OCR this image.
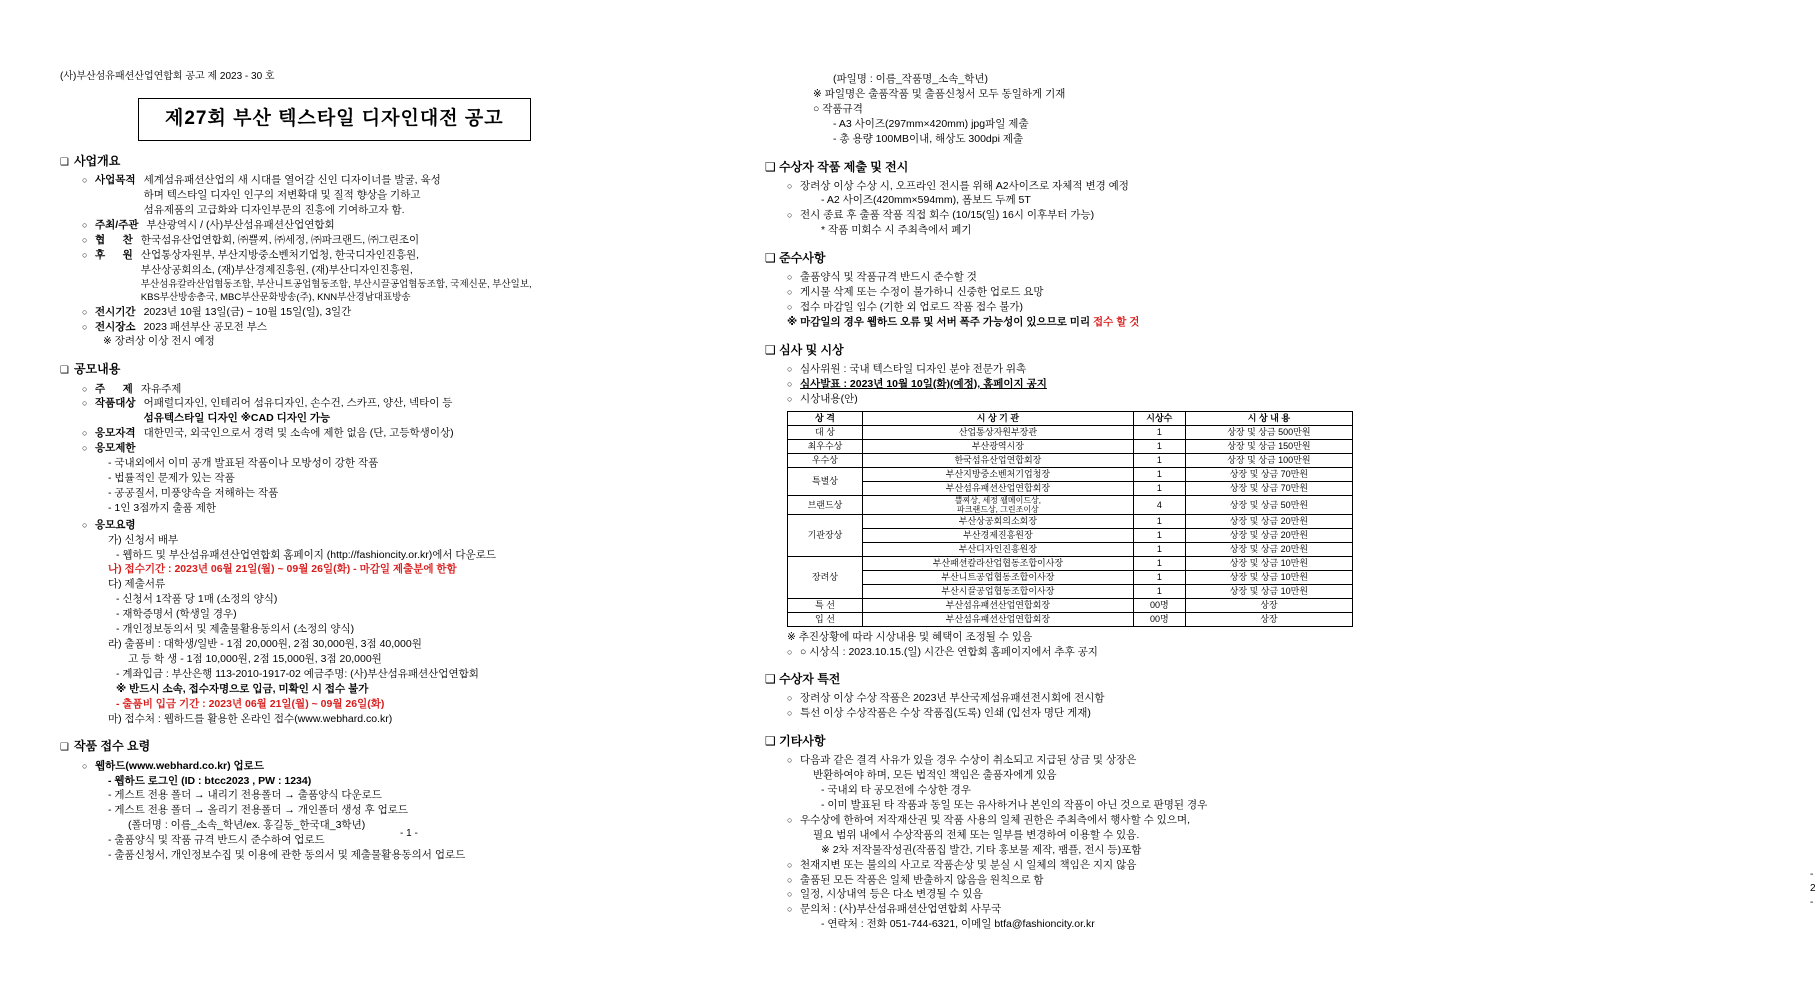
(사)부산섬유패션산업연합회 공고 제 2023 - 30 호
제27회 부산 텍스타일 디자인대전 공고
❑ 사업개요
○ 사업목적 세계섬유패션산업의 새 시대를 열어갈 신인 디자이너를 발굴, 육성
하며 텍스타일 디자인 인구의 저변확대 및 질적 향상을 기하고
섬유제품의 고급화와 디자인부문의 진흥에 기여하고자 함.
○ 주최/주관 부산광역시 / (사)부산섬유패션산업연합회
○ 협      찬 한국섬유산업연합회, ㈜쁠찌, ㈜세정, ㈜파크랜드, ㈜그린조이
○ 후      원 산업통상자원부, 부산지방중소벤처기업청, 한국디자인진흥원,
부산상공회의소, (재)부산경제진흥원, (재)부산디자인진흥원,
부산섬유칼라산업협동조합, 부산니트공업협동조합, 부산시끌공업협동조합, 국제신문, 부산일보,
KBS부산방송총국, MBC부산문화방송(주), KNN부산경남대표방송
○ 전시기간 2023년 10월 13일(금) ~ 10월 15일(일), 3일간
○ 전시장소 2023 패션부산 공모전 부스
※ 장려상 이상 전시 예정
❑ 공모내용
○ 주      제 자유주제
○ 작품대상 어패럴디자인, 인테리어 섬유디자인, 손수건, 스카프, 양산, 넥타이 등
섬유텍스타일 디자인 ※CAD 디자인 가능
○ 응모자격 대한민국, 외국인으로서 경력 및 소속에 제한 없음 (단, 고등학생이상)
○ 응모제한
- 국내외에서 이미 공개 발표된 작품이나 모방성이 강한 작품
- 법률적인 문제가 있는 작품
- 공공질서, 미풍양속을 저해하는 작품
- 1인 3점까지 출품 제한
○ 응모요령
가) 신청서 배부
- 웹하드 및 부산섬유패션산업연합회 홈페이지 (http://fashioncity.or.kr)에서 다운로드
나) 접수기간 : 2023년 06월 21일(월) ~ 09월 26일(화) - 마감일 제출분에 한함
다) 제출서류
- 신청서 1작품 당 1매 (소정의 양식)
- 재학증명서 (학생일 경우)
- 개인정보동의서 및 제출물활용동의서 (소정의 양식)
라) 출품비 : 대학생/일반 - 1점 20,000원, 2점 30,000원, 3점 40,000원
고 등 학 생 - 1점 10,000원, 2점 15,000원, 3점 20,000원
- 계좌입금 : 부산은행 113-2010-1917-02 예금주명: (사)부산섬유패션산업연합회
※ 반드시 소속, 접수자명으로 입금, 미확인 시 접수 불가
- 출품비 입금 기간 : 2023년 06월 21일(월) ~ 09월 26일(화)
마) 접수처 : 웹하드를 활용한 온라인 접수(www.webhard.co.kr)
❑ 작품 접수 요령
○ 웹하드(www.webhard.co.kr) 업로드
- 웹하드 로그인 (ID : btcc2023 , PW : 1234)
- 게스트 전용 폴더 → 내리기 전용폴더 → 출품양식 다운로드
- 게스트 전용 폴더 → 올리기 전용폴더 → 개인폴더 생성 후 업로드
(폴더명 : 이름_소속_학년/ex. 홍길동_한국대_3학년)
- 출품양식 및 작품 규격 반드시 준수하여 업로드
- 출품신청서, 개인정보수집 및 이용에 관한 동의서 및 제출물활용동의서 업로드
- 1 -
(파일명 : 이름_작품명_소속_학년)
※ 파일명은 출품작품 및 출품신청서 모두 동일하게 기재
○ 작품규격
- A3 사이즈(297mm×420mm) jpg파일 제출
- 총 용량 100MB이내, 해상도 300dpi 제출
❑ 수상자 작품 제출 및 전시
○ 장려상 이상 수상 시, 오프라인 전시를 위해 A2사이즈로 자체적 변경 예정
- A2 사이즈(420mm×594mm), 폼보드 두께 5T
○ 전시 종료 후 출품 작품 직접 회수 (10/15(일) 16시 이후부터 가능)
* 작품 미회수 시 주최측에서 폐기
❑ 준수사항
○ 출품양식 및 작품규격 반드시 준수할 것
○ 게시물 삭제 또는 수정이 불가하니 신중한 업로드 요망
○ 접수 마감일 임수 (기한 외 업로드 작품 접수 불가)
※ 마감일의 경우 웹하드 오류 및 서버 폭주 가능성이 있으므로 미리 접수 할 것
❑ 심사 및 시상
○ 심사위원 : 국내 텍스타일 디자인 분야 전문가 위촉
○ 심사발표 : 2023년 10월 10일(화)(예정), 홈페이지 공지
○ 시상내용(안)
상 격	시 상 기 관	시상수	시 상 내 용
대 상	산업통상자원부장관	1	상장 및 상금 500만원
최우수상	부산광역시장	1	상장 및 상금 150만원
우수상	한국섬유산업연합회장	1	상장 및 상금 100만원
특별상	부산지방중소벤처기업청장	1	상장 및 상금 70만원
	부산섬유패션산업연합회장	1	상장 및 상금 70만원
브랜드상	쁠찌상, 세정 웰메이드상,
파크랜드상, 그린조이상	4	상장 및 상금 50만원
기관장상	부산상공회의소회장	1	상장 및 상금 20만원
	부산경제진흥원장	1	상장 및 상금 20만원
	부산디자인진흥원장	1	상장 및 상금 20만원
장려상	부산패션칼라산업협동조합이사장	1	상장 및 상금 10만원
	부산니트공업협동조합이사장	1	상장 및 상금 10만원
	부산시끌공업협동조합이사장	1	상장 및 상금 10만원
특 선	부산섬유패션산업연합회장	00명	상장
입 선	부산섬유패션산업연합회장	00명	상장
※ 추진상황에 따라 시상내용 및 혜택이 조정될 수 있음
○ ○ 시상식 : 2023.10.15.(일) 시간은 연합회 홈페이지에서 추후 공지
❑ 수상자 특전
○ 장려상 이상 수상 작품은 2023년 부산국제섬유패션전시회에 전시함
○ 특선 이상 수상작품은 수상 작품집(도록) 인쇄 (입선자 명단 게재)
❑ 기타사항
○ 다음과 같은 결격 사유가 있을 경우 수상이 취소되고 지급된 상금 및 상장은
반환하여야 하며, 모든 법적인 책임은 출품자에게 있음
- 국내외 타 공모전에 수상한 경우
- 이미 발표된 타 작품과 동일 또는 유사하거나 본인의 작품이 아닌 것으로 판명된 경우
○ 우수상에 한하여 저작재산권 및 작품 사용의 일체 권한은 주최측에서 행사할 수 있으며,
필요 범위 내에서 수상작품의 전체 또는 일부를 변경하여 이용할 수 있음.
※ 2차 저작물작성권(작품집 발간, 기타 홍보물 제작, 팸플, 전시 등)포함
○ 천재지변 또는 불의의 사고로 작품손상 및 분실 시 일체의 책임은 지지 않음
○ 출품된 모든 작품은 일체 반출하지 않음을 원칙으로 함
○ 일정, 시상내역 등은 다소 변경될 수 있음
○ 문의처 : (사)부산섬유패션산업연합회 사무국
- 연락처 : 전화 051-744-6321, 이메일 btfa@fashioncity.or.kr
- 2 -
